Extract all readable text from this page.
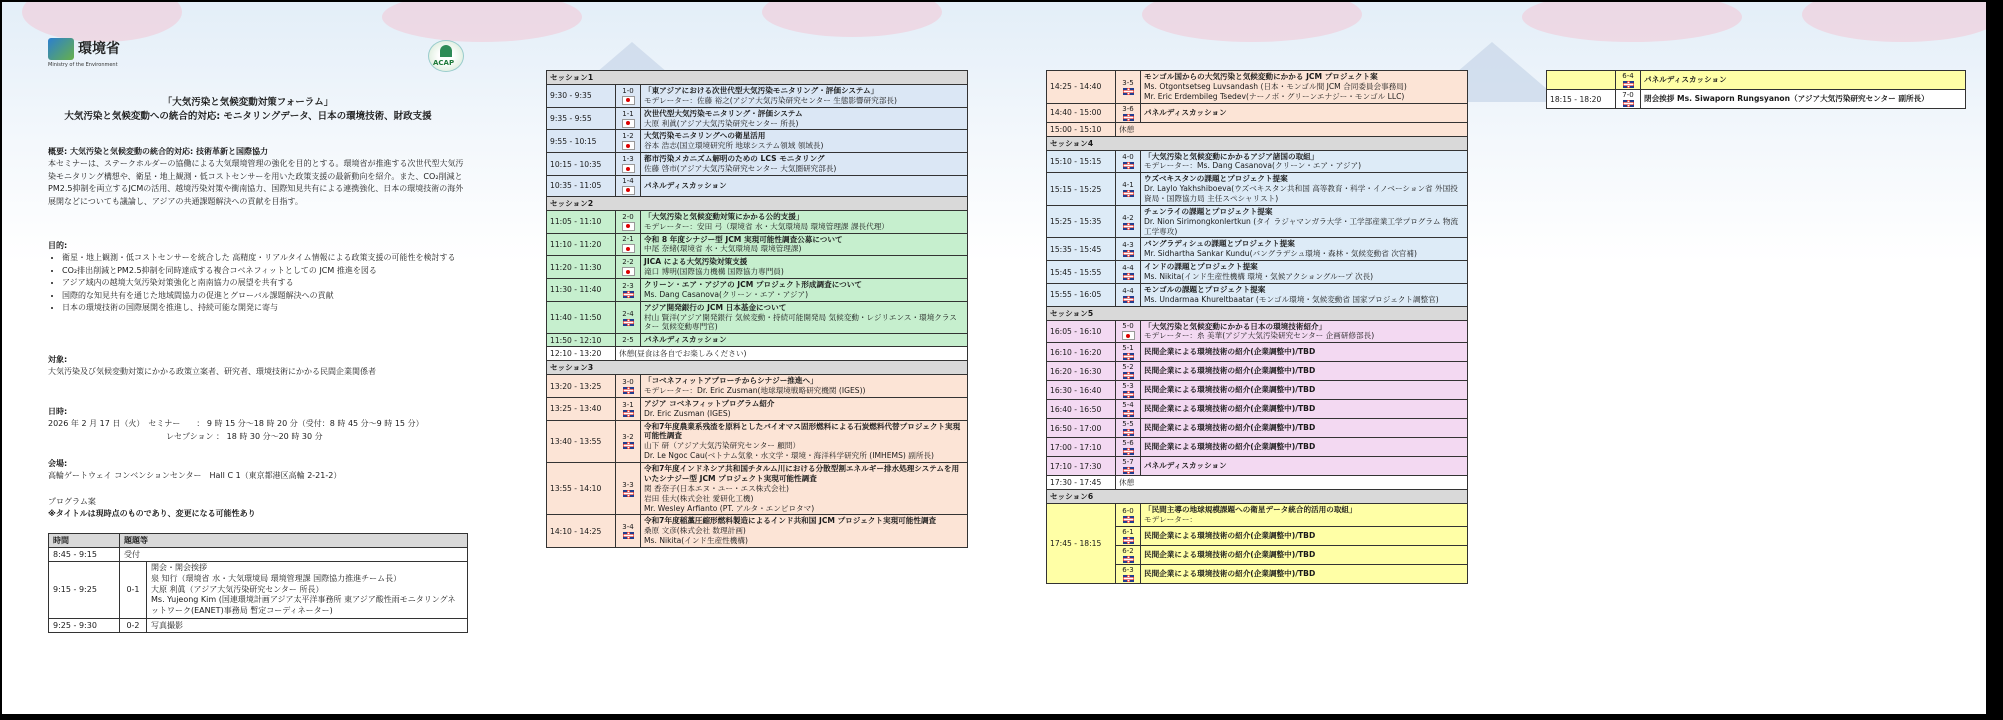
環境省
Ministry of the Environment	ACAP
「大気汚染と気候変動対策フォーラム」
大気汚染と気候変動への統合的対応: モニタリングデータ、日本の環境技術、財政支援
概要: 大気汚染と気候変動の統合的対応: 技術革新と国際協力
本セミナーは、ステークホルダーの協働による大気環境管理の強化を目的とする。環境省が推進する次世代型大気汚染モニタリング構想や、衛星・地上観測・低コストセンサーを用いた政策支援の最新動向を紹介。また、CO₂削減とPM2.5抑制を両立するJCMの活用、越境汚染対策や衝南協力、国際知見共有による連携強化、日本の環境技術の海外展開などについても議論し、アジアの共通課題解決への貢献を目指す。
目的:
• 衛星・地上観測・低コストセンサーを統合した 高精度・リアルタイム情報による政策支援の可能性を検討する
• CO₂排出削減とPM2.5抑制を同時達成する複合コベネフィットとしての JCM 推進を図る
• アジア域内の越境大気汚染対策強化と南南協力の展望を共有する
• 国際的な知見共有を通じた地域間協力の促進とグローバル課題解決への貢献
• 日本の環境技術の国際展開を推進し、持続可能な開発に寄与
対象:
大気汚染及び気候変動対策にかかる政策立案者、研究者、環境技術にかかる民間企業関係者
日時:
2026 年 2 月 17 日（火）　セミナー　　： 9 時 15 分〜18 時 20 分（受付：8 時 45 分〜9 時 15 分）
レセプション ： 18 時 30 分〜20 時 30 分
会場:
高輪ゲートウェイ コンベンションセンター　Hall C 1（東京都港区高輪 2-21-2）
プログラム案
※タイトルは現時点のものであり、変更になる可能性あり
時間	題題等	
8:45 - 9:15	受付	
9:15 - 9:25	0-1	開会・開会挨拶
泉 知行（環境省 水・大気環境局 環境管理課 国際協力推進チーム長）
大原 利眞（アジア大気汚染研究センター 所長）
Ms. Yujeong Kim (国連環境計画アジア太平洋事務所 東アジア酸性雨モニタリングネットワーク(EANET)事務局 暫定コーディネーター)
9:25 - 9:30	0-2	写真撮影
セッション1		
9:30 - 9:35	1-0	「東アジアにおける次世代型大気汚染モニタリング・評価システム」
モデレーター：佐藤 裕之(アジア大気汚染研究センター 生態影響研究部長)

9:35 - 9:55	1-1	次世代型大気汚染モニタリング・評価システム
大原 利眞(アジア大気汚染研究センター 所長)

9:55 - 10:15	1-2	大気汚染モニタリングへの衛星活用
谷本 浩志(国立環境研究所 地球システム領域 領域長)

10:15 - 10:35	1-3	都市汚染メカニズム解明のための LCS モニタリング
佐藤 啓市(アジア大気汚染研究センター 大気圏研究部長)

10:35 - 11:05	1-4	パネルディスカッション

セッション2		
11:05 - 11:10	2-0	「大気汚染と気候変動対策にかかる公的支援」
モデレーター：安田 弓（環境省 水・大気環境局 環境管理課 課長代理）

11:10 - 11:20	2-1	令和 8 年度シナジー型 JCM 実現可能性調査公募について
中尾 奈緒(環境省 水・大気環境局 環境管理課)

11:20 - 11:30	2-2	JICA による大気汚染対策支援
滝口 博明(国際協力機構 国際協力専門員)

11:30 - 11:40	2-3	クリーン・エア・アジアの JCM プロジェクト形成調査について
Ms. Dang Casanova(クリーン・エア・アジア)

11:40 - 11:50	2-4	アジア開発銀行の JCM 日本基金について
村山 賢洋(アジア開発銀行 気候変動・持続可能開発局 気候変動・レジリエンス・環境クラスター 気候変動専門官)

11:50 - 12:10	2-5	パネルディスカッション

12:10 - 13:20	休憩(昼食は各自でお楽しみください)	
セッション3		
13:20 - 13:25	3-0	「コベネフィットアプローチからシナジー推進へ」
モデレーター：Dr. Eric Zusman(地球環境戦略研究機関 (IGES))

13:25 - 13:40	3-1	アジア コベネフィットプログラム紹介
Dr. Eric Zusman (IGES)

13:40 - 13:55	3-2	令和7年度農業系残渣を原料としたバイオマス固形燃料による石炭燃料代替プロジェクト実現可能性調査
山下 研（アジア大気汚染研究センター 顧問）
Dr. Le Ngoc Cau(ベトナム気象・水文学・環境・海洋科学研究所 (IMHEMS) 副所長)

13:55 - 14:10	3-3	令和7年度インドネシア共和国チタルム川における分散型割エネルギー排水処理システムを用いたシナジー型 JCM プロジェクト実現可能性調査
関 香奈子(日本エヌ・ユー・エス株式会社)
岩田 佳大(株式会社 愛研化工機)
Mr. Wesley Arfianto (PT. アルタ・エンビロタマ)

14:10 - 14:25	3-4	令和7年度稲藁圧縮形燃料製造によるインド共和国 JCM プロジェクト実現可能性調査
桑原 文彦(株式会社 数理計画)
Ms. Nikita(インド生産性機構)
14:25 - 14:40	3-5	モンゴル国からの大気汚染と気候変動にかかる JCM プロジェクト案
Ms. Otgontsetseg Luvsandash (日本・モンゴル間 JCM 合同委員会事務局)
Mr. Eric Erdembileg Tsedev(ナーノボ・グリーンエナジー・モンゴル LLC)

14:40 - 15:00	3-6	パネルディスカッション

15:00 - 15:10	休憩	
セッション4		
15:10 - 15:15	4-0	「大気汚染と気候変動にかかるアジア諸国の取組」
モデレーター：Ms. Dang Casanova(クリーン・エア・アジア)

15:15 - 15:25	4-1	ウズベキスタンの課題とプロジェクト提案
Dr. Laylo Yakhshiboeva(ウズベキスタン共和国 高等教育・科学・イノベーション省 外国投資局・国際協力局 主任スペシャリスト)

15:25 - 15:35	4-2	チェンライの課題とプロジェクト提案
Dr. Nion Sirimongkonlertkun (タイ ラジャマンガラ大学・工学部産業工学プログラム 物流工学専攻)

15:35 - 15:45	4-3	バングラディシュの課題とプロジェクト提案
Mr. Sidhartha Sankar Kundu(バングラデシュ環境・森林・気候変動省 次官補)

15:45 - 15:55	4-4	インドの課題とプロジェクト提案
Ms. Nikita(インド生産性機構 環境・気候アクショングループ 次長)

15:55 - 16:05	4-4	モンゴルの課題とプロジェクト提案
Ms. Undarmaa Khureltbaatar (モンゴル環境・気候変動省 国家プロジェクト調整官)

セッション5		
16:05 - 16:10	5-0	「大気汚染と気候変動にかかる日本の環境技術紹介」
モデレーター：糸 美華(アジア大気汚染研究センター 企画研修部長)

16:10 - 16:20	5-1	民間企業による環境技術の紹介(企業調整中)/TBD

16:20 - 16:30	5-2	民間企業による環境技術の紹介(企業調整中)/TBD

16:30 - 16:40	5-3	民間企業による環境技術の紹介(企業調整中)/TBD

16:40 - 16:50	5-4	民間企業による環境技術の紹介(企業調整中)/TBD

16:50 - 17:00	5-5	民間企業による環境技術の紹介(企業調整中)/TBD

17:00 - 17:10	5-6	民間企業による環境技術の紹介(企業調整中)/TBD

17:10 - 17:30	5-7	パネルディスカッション

17:30 - 17:45	休憩	
セッション6		
17:45 - 18:15	6-0	「民間主導の地球規模課題への衛星データ統合的活用の取組」
モデレーター：

	6-1	民間企業による環境技術の紹介(企業調整中)/TBD

	6-2	民間企業による環境技術の紹介(企業調整中)/TBD

	6-3	民間企業による環境技術の紹介(企業調整中)/TBD

	6-4	パネルディスカッション

18:15 - 18:20	7-0	閉会挨拶 Ms. Siwaporn Rungsyanon（アジア大気汚染研究センター 副所長）
